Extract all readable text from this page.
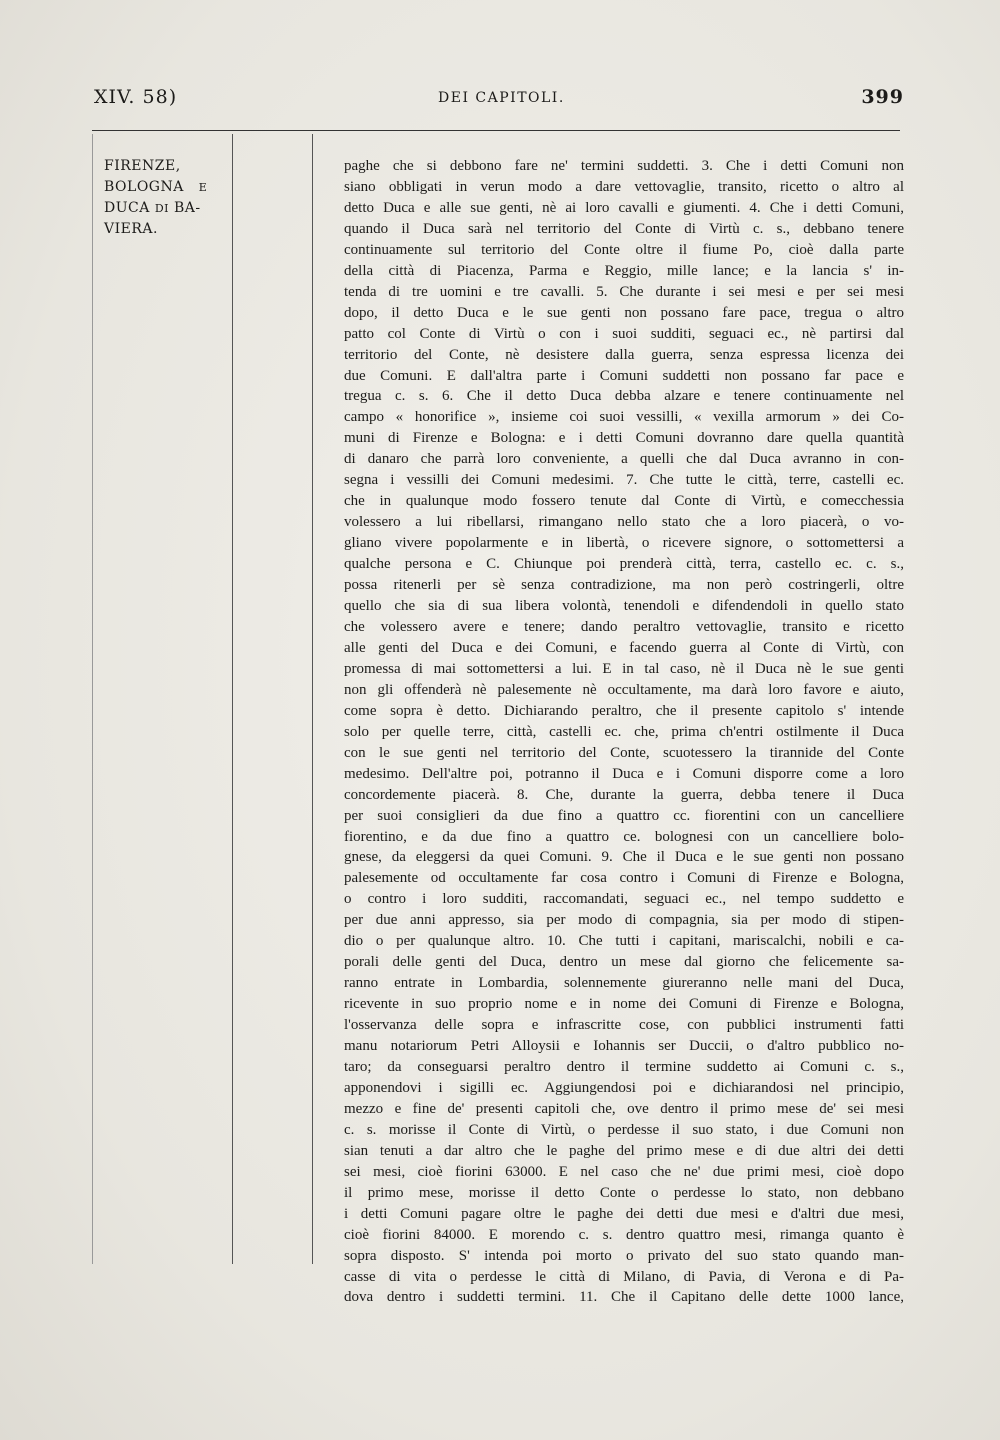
XIV. 58)	DEI CAPITOLI.	399
FIRENZE,
BOLOGNA E
DUCA DI BA-
VIERA.
paghe che si debbono fare ne' termini suddetti. 3. Che i detti Comuni non
siano obbligati in verun modo a dare vettovaglie, transito, ricetto o altro al
detto Duca e alle sue genti, nè ai loro cavalli e giumenti. 4. Che i detti Comuni,
quando il Duca sarà nel territorio del Conte di Virtù c. s., debbano tenere
continuamente sul territorio del Conte oltre il fiume Po, cioè dalla parte
della città di Piacenza, Parma e Reggio, mille lance; e la lancia s' in-
tenda di tre uomini e tre cavalli. 5. Che durante i sei mesi e per sei mesi
dopo, il detto Duca e le sue genti non possano fare pace, tregua o altro
patto col Conte di Virtù o con i suoi sudditi, seguaci ec., nè partirsi dal
territorio del Conte, nè desistere dalla guerra, senza espressa licenza dei
due Comuni. E dall'altra parte i Comuni suddetti non possano far pace e
tregua c. s. 6. Che il detto Duca debba alzare e tenere continuamente nel
campo « honorifice », insieme coi suoi vessilli, « vexilla armorum » dei Co-
muni di Firenze e Bologna: e i detti Comuni dovranno dare quella quantità
di danaro che parrà loro conveniente, a quelli che dal Duca avranno in con-
segna i vessilli dei Comuni medesimi. 7. Che tutte le città, terre, castelli ec.
che in qualunque modo fossero tenute dal Conte di Virtù, e comecchessia
volessero a lui ribellarsi, rimangano nello stato che a loro piacerà, o vo-
gliano vivere popolarmente e in libertà, o ricevere signore, o sottomettersi a
qualche persona e C. Chiunque poi prenderà città, terra, castello ec. c. s.,
possa ritenerli per sè senza contradizione, ma non però costringerli, oltre
quello che sia di sua libera volontà, tenendoli e difendendoli in quello stato
che volessero avere e tenere; dando peraltro vettovaglie, transito e ricetto
alle genti del Duca e dei Comuni, e facendo guerra al Conte di Virtù, con
promessa di mai sottomettersi a lui. E in tal caso, nè il Duca nè le sue genti
non gli offenderà nè palesemente nè occultamente, ma darà loro favore e aiuto,
come sopra è detto. Dichiarando peraltro, che il presente capitolo s' intende
solo per quelle terre, città, castelli ec. che, prima ch'entri ostilmente il Duca
con le sue genti nel territorio del Conte, scuotessero la tirannide del Conte
medesimo. Dell'altre poi, potranno il Duca e i Comuni disporre come a loro
concordemente piacerà. 8. Che, durante la guerra, debba tenere il Duca
per suoi consiglieri da due fino a quattro cc. fiorentini con un cancelliere
fiorentino, e da due fino a quattro ce. bolognesi con un cancelliere bolo-
gnese, da eleggersi da quei Comuni. 9. Che il Duca e le sue genti non possano
palesemente od occultamente far cosa contro i Comuni di Firenze e Bologna,
o contro i loro sudditi, raccomandati, seguaci ec., nel tempo suddetto e
per due anni appresso, sia per modo di compagnia, sia per modo di stipen-
dio o per qualunque altro. 10. Che tutti i capitani, mariscalchi, nobili e ca-
porali delle genti del Duca, dentro un mese dal giorno che felicemente sa-
ranno entrate in Lombardia, solennemente giureranno nelle mani del Duca,
ricevente in suo proprio nome e in nome dei Comuni di Firenze e Bologna,
l'osservanza delle sopra e infrascritte cose, con pubblici instrumenti fatti
manu notariorum Petri Alloysii e Iohannis ser Duccii, o d'altro pubblico no-
taro; da conseguarsi peraltro dentro il termine suddetto ai Comuni c. s.,
apponendovi i sigilli ec. Aggiungendosi poi e dichiarandosi nel principio,
mezzo e fine de' presenti capitoli che, ove dentro il primo mese de' sei mesi
c. s. morisse il Conte di Virtù, o perdesse il suo stato, i due Comuni non
sian tenuti a dar altro che le paghe del primo mese e di due altri dei detti
sei mesi, cioè fiorini 63000. E nel caso che ne' due primi mesi, cioè dopo
il primo mese, morisse il detto Conte o perdesse lo stato, non debbano
i detti Comuni pagare oltre le paghe dei detti due mesi e d'altri due mesi,
cioè fiorini 84000. E morendo c. s. dentro quattro mesi, rimanga quanto è
sopra disposto. S' intenda poi morto o privato del suo stato quando man-
casse di vita o perdesse le città di Milano, di Pavia, di Verona e di Pa-
dova dentro i suddetti termini. 11. Che il Capitano delle dette 1000 lance,
